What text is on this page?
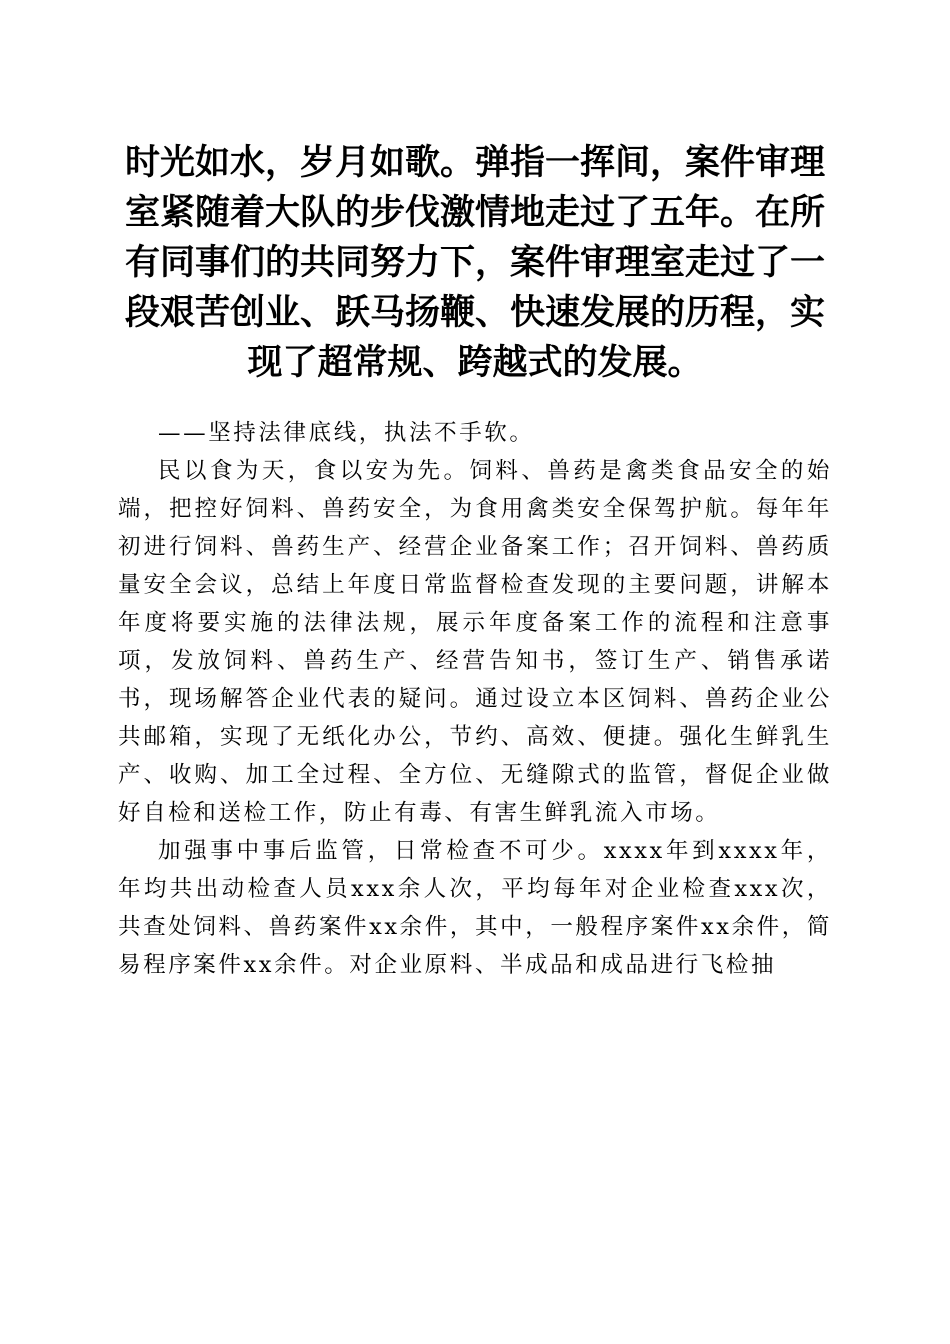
时光如水，岁月如歌。弹指一挥间，案件审理室紧随着大队的步伐激情地走过了五年。在所有同事们的共同努力下，案件审理室走过了一段艰苦创业、跃马扬鞭、快速发展的历程，实现了超常规、跨越式的发展。

——坚持法律底线，执法不手软。

民以食为天，食以安为先。饲料、兽药是禽类食品安全的始端，把控好饲料、兽药安全，为食用禽类安全保驾护航。每年年初进行饲料、兽药生产、经营企业备案工作；召开饲料、兽药质量安全会议，总结上年度日常监督检查发现的主要问题，讲解本年度将要实施的法律法规，展示年度备案工作的流程和注意事项，发放饲料、兽药生产、经营告知书，签订生产、销售承诺书，现场解答企业代表的疑问。通过设立本区饲料、兽药企业公共邮箱，实现了无纸化办公，节约、高效、便捷。强化生鲜乳生产、收购、加工全过程、全方位、无缝隙式的监管，督促企业做好自检和送检工作，防止有毒、有害生鲜乳流入市场。

加强事中事后监管，日常检查不可少。xxxx年到xxxx年，年均共出动检查人员xxx余人次，平均每年对企业检查xxx次，共查处饲料、兽药案件xx余件，其中，一般程序案件xx余件，简易程序案件xx余件。对企业原料、半成品和成品进行飞检抽
